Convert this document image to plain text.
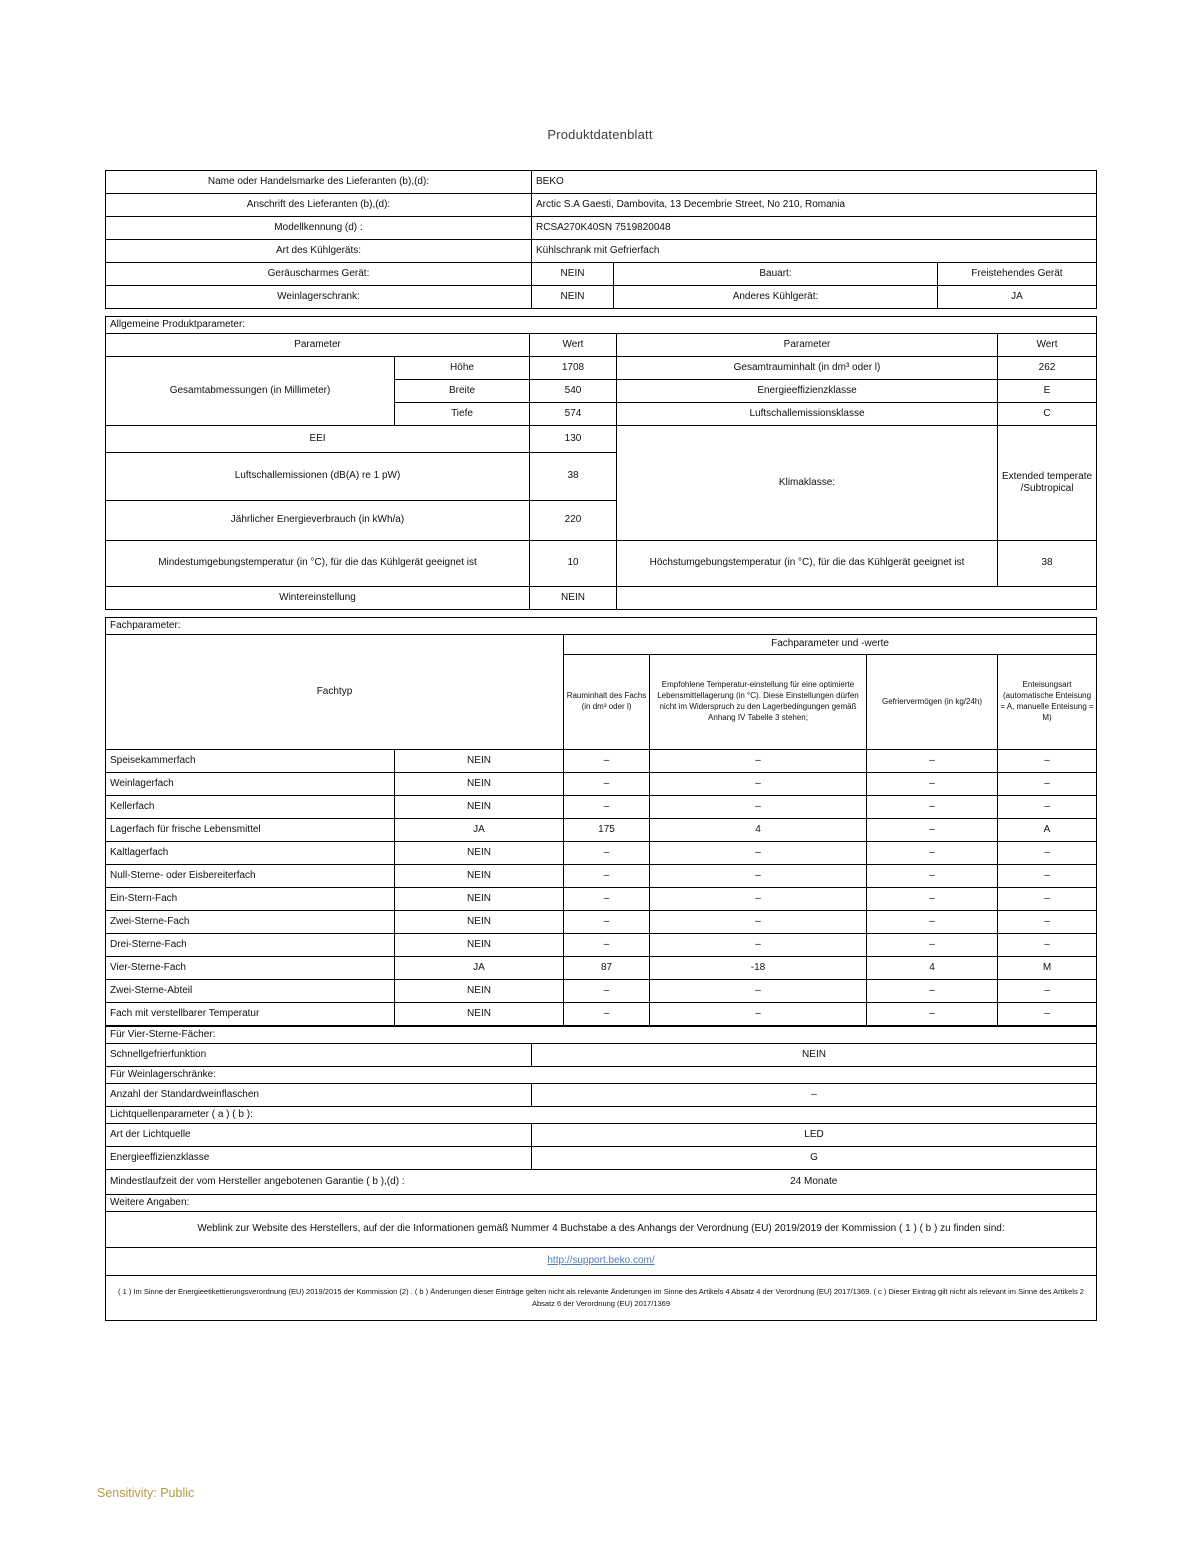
Produktdatenblatt
Name oder Handelsmarke des Lieferanten (b),(d):	BEKO		
Anschrift des Lieferanten (b),(d):	Arctic S.A Gaesti, Dambovita, 13 Decembrie Street, No 210, Romania		
Modellkennung (d) :	RCSA270K40SN 7519820048		
Art des Kühlgeräts:	Kühlschrank mit Gefrierfach		
Geräuscharmes Gerät:	NEIN	Bauart:	Freistehendes Gerät
Weinlagerschrank:	NEIN	Anderes Kühlgerät:	JA
Allgemeine Produktparameter:				
Parameter		Wert	Parameter	Wert
Gesamtabmessungen (in Millimeter)	Höhe	1708	Gesamtrauminhalt (in dm³ oder l)	262
	Breite	540	Energieeffizienzklasse	E
	Tiefe	574	Luftschallemissionsklasse	C
EEI		130	Klimaklasse:	Extended temperate /Subtropical
Luftschallemissionen (dB(A) re 1 pW)		38		
Jährlicher Energieverbrauch (in kWh/a)		220		
Mindestumgebungstemperatur (in °C), für die das Kühlgerät geeignet ist		10	Höchstumgebungstemperatur (in °C), für die das Kühlgerät geeignet ist	38
Wintereinstellung		NEIN		
Fachparameter:					
Fachtyp		Fachparameter und -werte			
		Rauminhalt des Fachs (in dm³ oder l)	Empfohlene Temperatur-einstellung für eine optimierte Lebensmittellagerung (in °C). Diese Einstellungen dürfen nicht im Widerspruch zu den Lagerbedingungen gemäß Anhang IV Tabelle 3 stehen;	Gefriervermögen (in kg/24h)	Enteisungsart (automatische Enteisung = A, manuelle Enteisung = M)
Speisekammerfach	NEIN	–	–	–	–
Weinlagerfach	NEIN	–	–	–	–
Kellerfach	NEIN	–	–	–	–
Lagerfach für frische Lebensmittel	JA	175	4	–	A
Kaltlagerfach	NEIN	–	–	–	–
Null-Sterne- oder Eisbereiterfach	NEIN	–	–	–	–
Ein-Stern-Fach	NEIN	–	–	–	–
Zwei-Sterne-Fach	NEIN	–	–	–	–
Drei-Sterne-Fach	NEIN	–	–	–	–
Vier-Sterne-Fach	JA	87	-18	4	M
Zwei-Sterne-Abteil	NEIN	–	–	–	–
Fach mit verstellbarer Temperatur	NEIN	–	–	–	–
Für Vier-Sterne-Fächer:	
Schnellgefrierfunktion	NEIN
Für Weinlagerschränke:	
Anzahl der Standardweinflaschen	–
Lichtquellenparameter ( a ) ( b ):	
Art der Lichtquelle	LED
Energieeffizienzklasse	G
Mindestlaufzeit der vom Hersteller angebotenen Garantie ( b ),(d) :	24 Monate
Weitere Angaben:	
Weblink zur Website des Herstellers, auf der die Informationen gemäß Nummer 4 Buchstabe a des Anhangs der Verordnung (EU) 2019/2019 der Kommission ( 1 ) ( b ) zu finden sind:	
http://support.beko.com/	
( 1 ) Im Sinne der Energieetikettierungsverordnung (EU) 2019/2015 der Kommission (2) . ( b ) Änderungen dieser Einträge gelten nicht als relevante Änderungen im Sinne des Artikels 4 Absatz 4 der Verordnung (EU) 2017/1369. ( c ) Dieser Eintrag gilt nicht als relevant im Sinne des Artikels 2 Absatz 6 der Verordnung (EU) 2017/1369	
Sensitivity: Public
